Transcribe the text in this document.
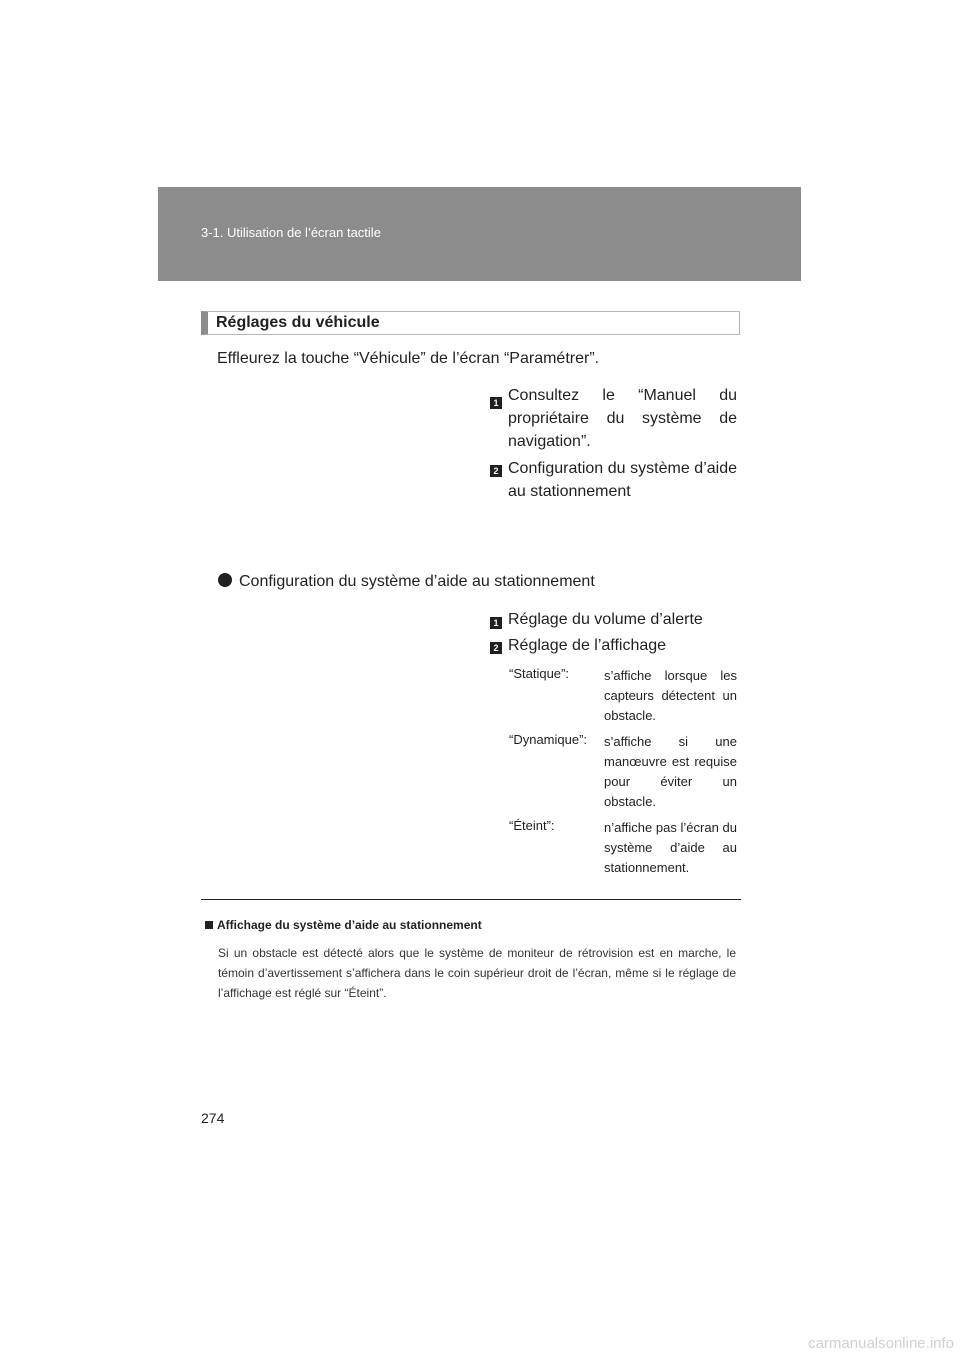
3-1. Utilisation de l’écran tactile
Réglages du véhicule
Effleurez la touche “Véhicule” de l’écran “Paramétrer”.
1 Consultez le “Manuel du propriétaire du système de navigation”.
2 Configuration du système d’aide au stationnement
Configuration du système d’aide au stationnement
1 Réglage du volume d’alerte
2 Réglage de l’affichage
“Statique”:	s’affiche lorsque les capteurs détectent un obstacle.
“Dynamique”: s’affiche si une manœuvre est requise pour éviter un obstacle.
“Éteint”:	n’affiche pas l’écran du système d’aide au stationnement.
Affichage du système d’aide au stationnement
Si un obstacle est détecté alors que le système de moniteur de rétrovision est en marche, le témoin d’avertissement s’affichera dans le coin supérieur droit de l’écran, même si le réglage de l’affichage est réglé sur “Éteint”.
274
carmanualsonline.info
